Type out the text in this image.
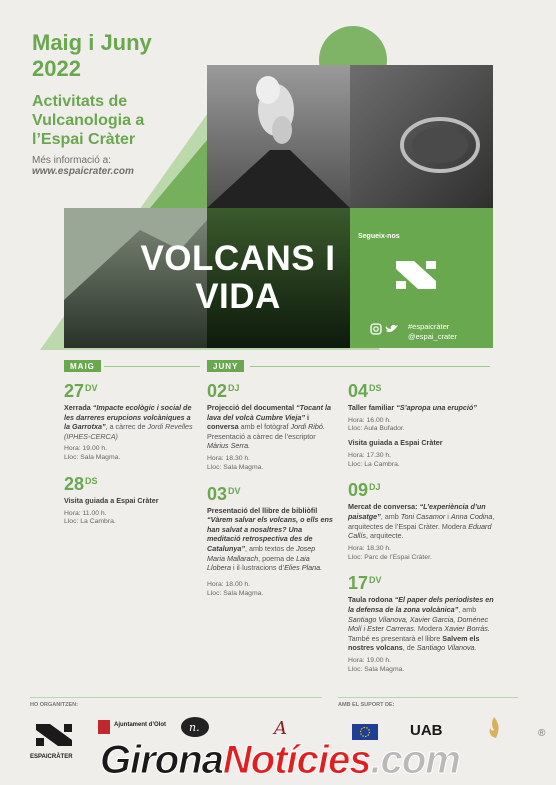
Maig i Juny 2022
Activitats de Vulcanologia a l’Espai Cràter
Més informació a:
www.espaicrater.com
VOLCANS I VIDA
Segueix-nos
#espaicràter
@espai_crater
MAIG	JUNY
$27^{DV}$
Xerrada “Impacte ecològic i social de les darreres erupcions volcàniques a la Garrotxa”, a càrrec de Jordi Revelles (IPHES-CERCA)
Hora: 19.00 h.
Lloc: Sala Magma.
$28^{DS}$
Visita guiada a Espai Cràter
Hora: 11.00 h.
Lloc: La Cambra.
$02^{DJ}$
Projecció del documental “Tocant la lava del volcà Cumbre Vieja” i conversa amb el fotògraf Jordi Ribó. Presentació a càrrec de l’escriptor Màrius Serra.
Hora: 18.30 h.
Lloc: Sala Magma.
$03^{DV}$
Presentació del llibre de bibliòfil “Vàrem salvar els volcans, o ells ens han salvat a nosaltres? Una meditació retrospectiva des de Catalunya”, amb textos de Josep Maria Mallarach, poema de Laia Llobera i il·lustracions d’Elies Plana.
Hora: 18.00 h.
Lloc: Sala Magma.
$04^{DS}$
Taller familiar “S’apropa una erupció”
Hora: 16.00 h.
Lloc: Aula Bufador.
Visita guiada a Espai Cràter
Hora: 17.30 h.
Lloc: La Cambra.
$09^{DJ}$
Mercat de conversa: “L’experiència d’un paisatge”, amb Toni Casamor i Anna Codina, arquitectes de l’Espai Cràter. Modera Eduard Callís, arquitecte.
Hora: 18.30 h.
Lloc: Parc de l’Espai Cràter.
$17^{DV}$
Taula rodona “El paper dels periodistes en la defensa de la zona volcànica”, amb Santiago Vilanova, Xavier Garcia, Doménec Molí i Ester Carreras. Modera Xavier Borràs. També es presentarà el llibre Salvem els nostres volcans, de Santiago Vilanova.
Hora: 19.00 h.
Lloc: Sala Magma.
HO ORGANITZEN:	AMB EL SUPORT DE:
ESPAICRÀTER
Ajuntament d’Olot n.	A	UAB
GironaNotícies.com
®
